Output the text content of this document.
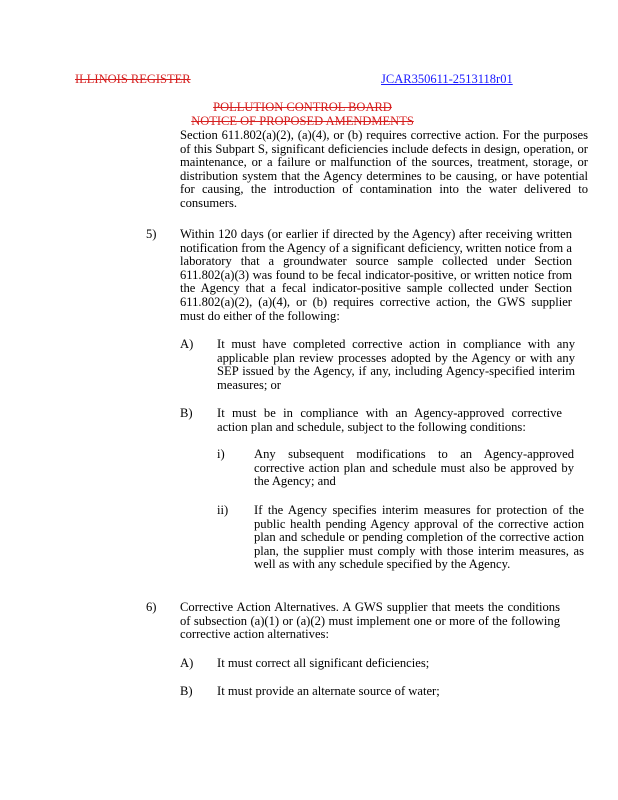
ILLINOIS REGISTER	JCAR350611-2513118r01
POLLUTION CONTROL BOARD
NOTICE OF PROPOSED AMENDMENTS
Section 611.802(a)(2), (a)(4), or (b) requires corrective action. For the purposes of this Subpart S, significant deficiencies include defects in design, operation, or maintenance, or a failure or malfunction of the sources, treatment, storage, or distribution system that the Agency determines to be causing, or have potential for causing, the introduction of contamination into the water delivered to consumers.
5) Within 120 days (or earlier if directed by the Agency) after receiving written notification from the Agency of a significant deficiency, written notice from a laboratory that a groundwater source sample collected under Section 611.802(a)(3) was found to be fecal indicator-positive, or written notice from the Agency that a fecal indicator-positive sample collected under Section 611.802(a)(2), (a)(4), or (b) requires corrective action, the GWS supplier must do either of the following:
A) It must have completed corrective action in compliance with any applicable plan review processes adopted by the Agency or with any SEP issued by the Agency, if any, including Agency-specified interim measures; or
B) It must be in compliance with an Agency-approved corrective action plan and schedule, subject to the following conditions:
i) Any subsequent modifications to an Agency-approved corrective action plan and schedule must also be approved by the Agency; and
ii) If the Agency specifies interim measures for protection of the public health pending Agency approval of the corrective action plan and schedule or pending completion of the corrective action plan, the supplier must comply with those interim measures, as well as with any schedule specified by the Agency.
6) Corrective Action Alternatives. A GWS supplier that meets the conditions of subsection (a)(1) or (a)(2) must implement one or more of the following corrective action alternatives:
A) It must correct all significant deficiencies;
B) It must provide an alternate source of water;
